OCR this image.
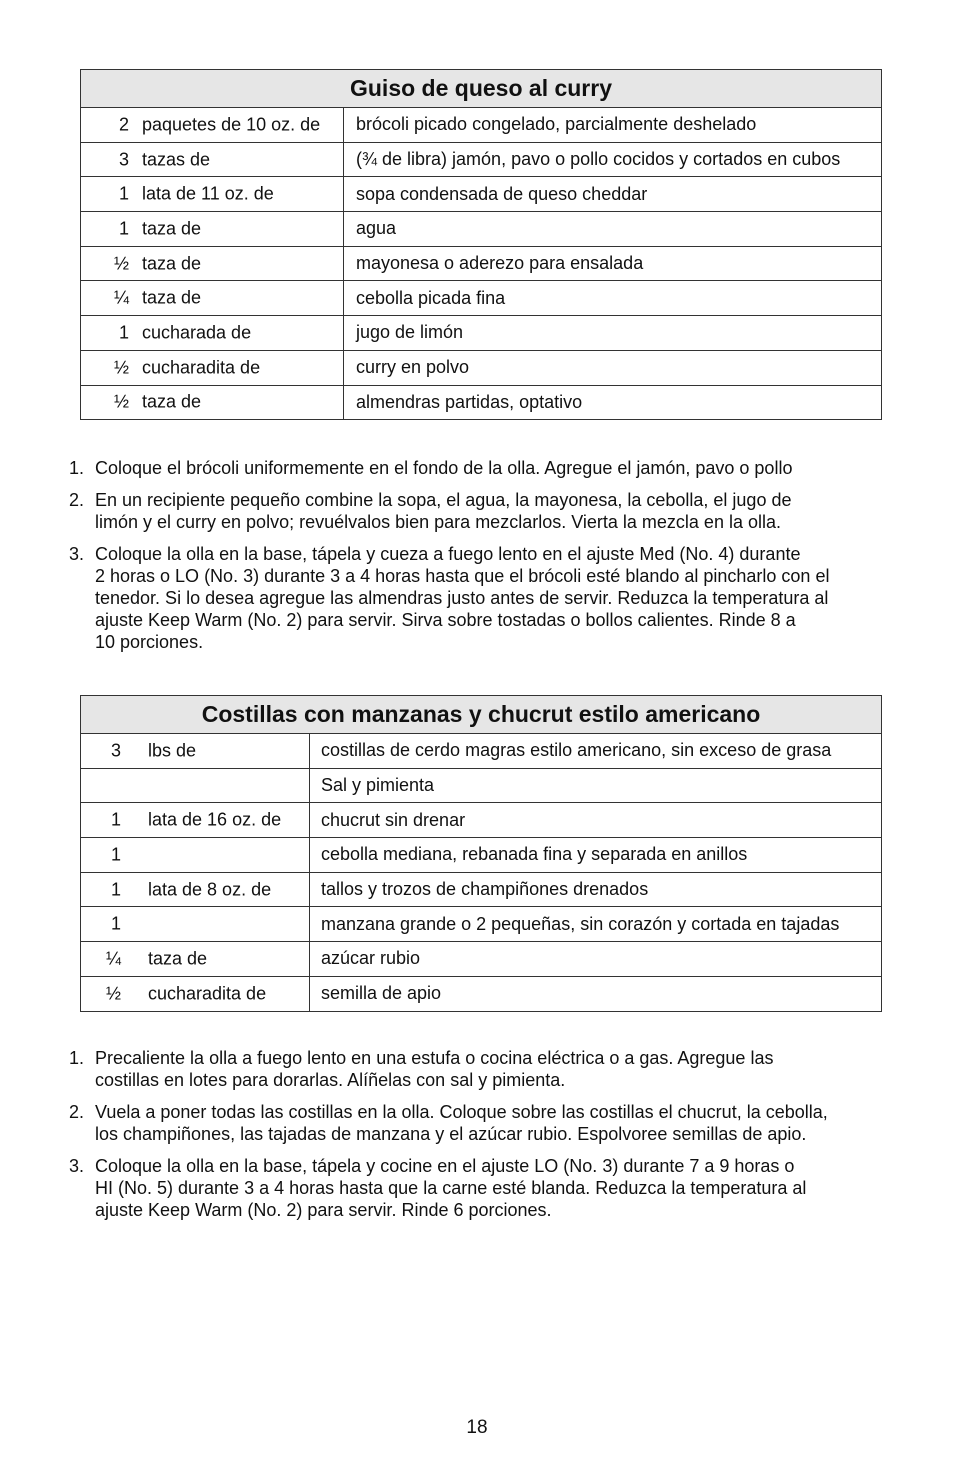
Guiso de queso al curry	

2 paquetes de 10 oz. de	brócoli picado congelado, parcialmente deshelado

3 tazas de	(¾ de libra) jamón, pavo o pollo cocidos y cortados en cubos

1 lata de 11 oz. de	sopa condensada de queso cheddar

1 taza de	agua

½ taza de	mayonesa o aderezo para ensalada

¼ taza de	cebolla picada fina

1 cucharada de	jugo de limón

½ cucharadita de	curry en polvo

½ taza de	almendras partidas, optativo
1. Coloque el brócoli uniformemente en el fondo de la olla. Agregue el jamón, pavo o pollo
2. En un recipiente pequeño combine la sopa, el agua, la mayonesa, la cebolla, el jugo de
limón y el curry en polvo; revuélvalos bien para mezclarlos. Vierta la mezcla en la olla.
3. Coloque la olla en la base, tápela y cueza a fuego lento en el ajuste Med (No. 4) durante
2 horas o LO (No. 3) durante 3 a 4 horas hasta que el brócoli esté blando al pincharlo con el
tenedor. Si lo desea agregue las almendras justo antes de servir. Reduzca la temperatura al
ajuste Keep Warm (No. 2) para servir. Sirva sobre tostadas o bollos calientes. Rinde 8 a
10 porciones.
Costillas con manzanas y chucrut estilo americano	

3 lbs de	costillas de cerdo magras estilo americano, sin exceso de grasa

	Sal y pimienta

1 lata de 16 oz. de	chucrut sin drenar

1	cebolla mediana, rebanada fina y separada en anillos

1 lata de 8 oz. de	tallos y trozos de champiñones drenados

1	manzana grande o 2 pequeñas, sin corazón y cortada en tajadas

¼ taza de	azúcar rubio

½ cucharadita de	semilla de apio
1. Precaliente la olla a fuego lento en una estufa o cocina eléctrica o a gas. Agregue las
costillas en lotes para dorarlas. Alíñelas con sal y pimienta.
2. Vuela a poner todas las costillas en la olla. Coloque sobre las costillas el chucrut, la cebolla,
los champiñones, las tajadas de manzana y el azúcar rubio. Espolvoree semillas de apio.
3. Coloque la olla en la base, tápela y cocine en el ajuste LO (No. 3) durante 7 a 9 horas o
HI (No. 5) durante 3 a 4 horas hasta que la carne esté blanda. Reduzca la temperatura al
ajuste Keep Warm (No. 2) para servir. Rinde 6 porciones.
18
